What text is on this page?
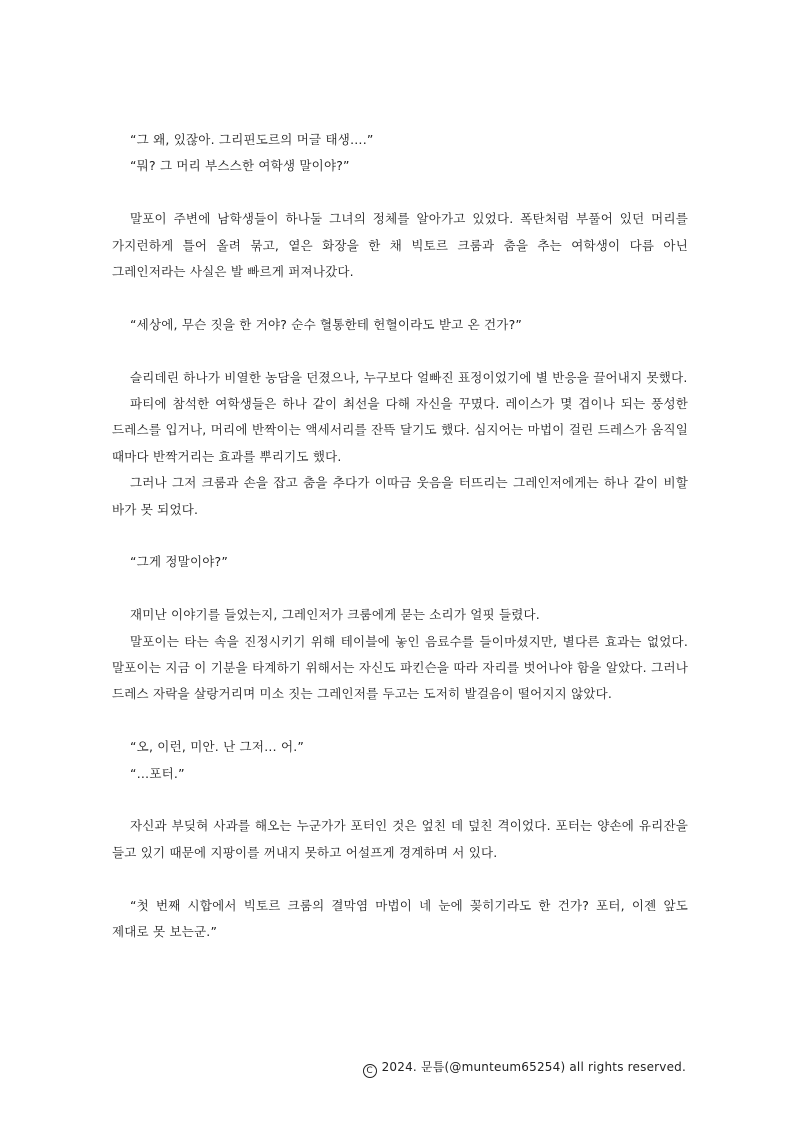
“그 왜, 있잖아. 그리핀도르의 머글 태생….”

“뭐? 그 머리 부스스한 여학생 말이야?”

말포이 주변에 남학생들이 하나둘 그녀의 정체를 알아가고 있었다. 폭탄처럼 부풀어 있던 머리를 가지런하게 틀어 올려 묶고, 옅은 화장을 한 채 빅토르 크룸과 춤을 추는 여학생이 다름 아닌 그레인저라는 사실은 발 빠르게 퍼져나갔다.

“세상에, 무슨 짓을 한 거야? 순수 혈통한테 헌혈이라도 받고 온 건가?”

슬리데린 하나가 비열한 농담을 던졌으나, 누구보다 얼빠진 표정이었기에 별 반응을 끌어내지 못했다.

파티에 참석한 여학생들은 하나 같이 최선을 다해 자신을 꾸몄다. 레이스가 몇 겹이나 되는 풍성한 드레스를 입거나, 머리에 반짝이는 액세서리를 잔뜩 달기도 했다. 심지어는 마법이 걸린 드레스가 움직일 때마다 반짝거리는 효과를 뿌리기도 했다.

그러나 그저 크룸과 손을 잡고 춤을 추다가 이따금 웃음을 터뜨리는 그레인저에게는 하나 같이 비할 바가 못 되었다.

“그게 정말이야?”

재미난 이야기를 들었는지, 그레인저가 크룸에게 묻는 소리가 얼핏 들렸다.

말포이는 타는 속을 진정시키기 위해 테이블에 놓인 음료수를 들이마셨지만, 별다른 효과는 없었다. 말포이는 지금 이 기분을 타계하기 위해서는 자신도 파킨슨을 따라 자리를 벗어나야 함을 알았다. 그러나 드레스 자락을 살랑거리며 미소 짓는 그레인저를 두고는 도저히 발걸음이 떨어지지 않았다.

“오, 이런, 미안. 난 그저… 어.”

“…포터.”

자신과 부딪혀 사과를 해오는 누군가가 포터인 것은 엎친 데 덮친 격이었다. 포터는 양손에 유리잔을 들고 있기 때문에 지팡이를 꺼내지 못하고 어설프게 경계하며 서 있다.

“첫 번째 시합에서 빅토르 크룸의 결막염 마법이 네 눈에 꽂히기라도 한 건가? 포터, 이젠 앞도 제대로 못 보는군.”

C 2024. 문틈(@munteum65254) all rights reserved.
